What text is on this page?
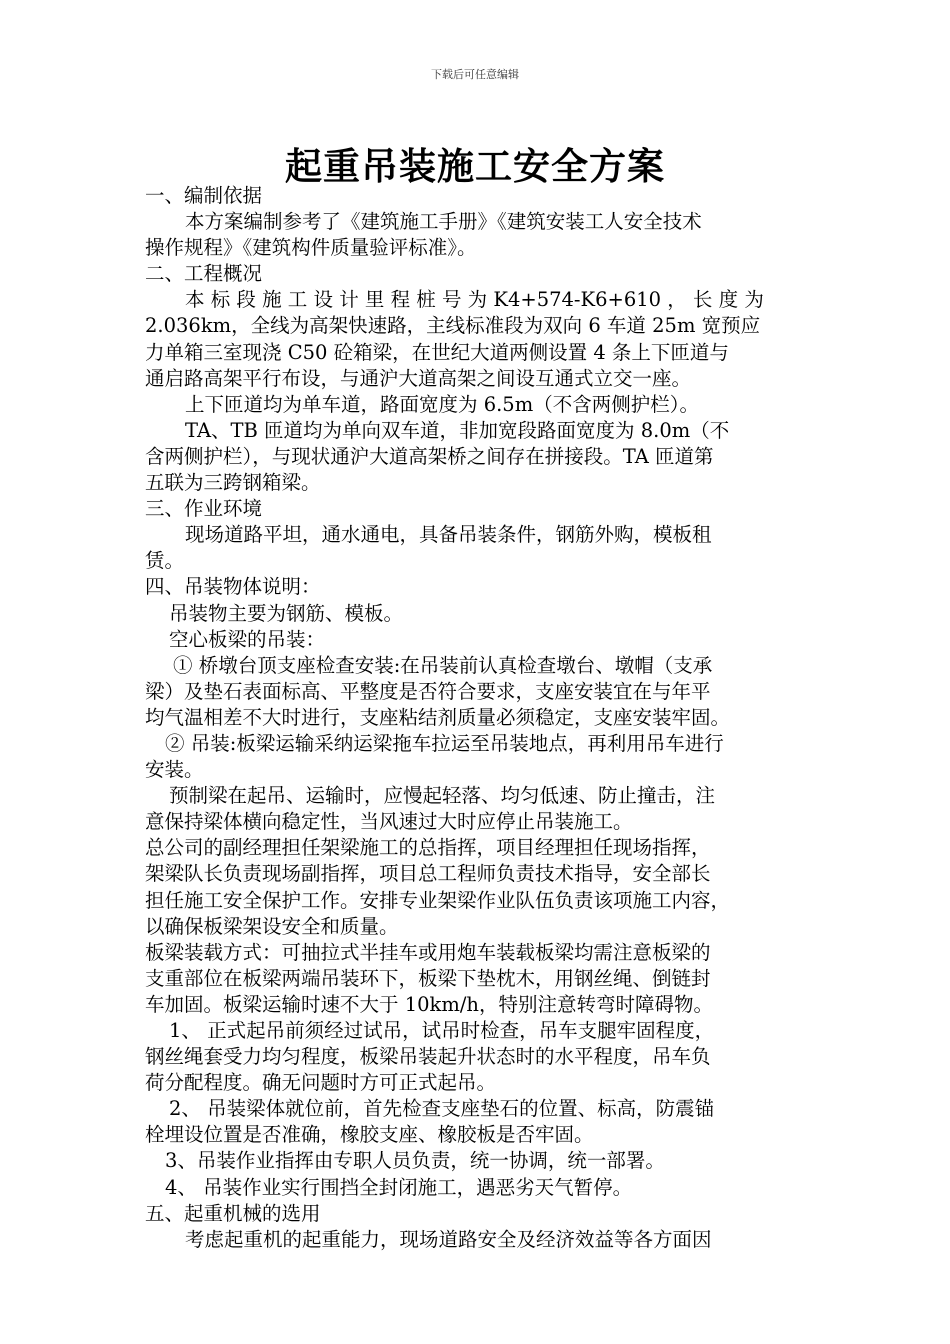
下载后可任意编辑
起重吊装施工安全方案
一、编制依据
本方案编制参考了《建筑施工手册》《建筑安装工人安全技术
操作规程》《建筑构件质量验评标准》。
二、工程概况
本 标 段 施 工 设 计 里 程 桩 号 为 K4+574-K6+610 ， 长 度 为
2.036km，全线为高架快速路，主线标准段为双向 6 车道 25m 宽预应
力单箱三室现浇 C50 砼箱梁，在世纪大道两侧设置 4 条上下匝道与
通启路高架平行布设，与通沪大道高架之间设互通式立交一座。
上下匝道均为单车道，路面宽度为 6.5m（不含两侧护栏）。
TA、TB 匝道均为单向双车道，非加宽段路面宽度为 8.0m（不
含两侧护栏），与现状通沪大道高架桥之间存在拼接段。TA 匝道第
五联为三跨钢箱梁。
三、作业环境
现场道路平坦，通水通电，具备吊装条件，钢筋外购，模板租
赁。
四、吊装物体说明：
吊装物主要为钢筋、模板。
空心板梁的吊装：
① 桥墩台顶支座检查安装:在吊装前认真检查墩台、墩帽（支承
梁）及垫石表面标高、平整度是否符合要求，支座安装宜在与年平
均气温相差不大时进行，支座粘结剂质量必须稳定，支座安装牢固。
② 吊装:板梁运输采纳运梁拖车拉运至吊装地点，再利用吊车进行
安装。
预制梁在起吊、运输时，应慢起轻落、均匀低速、防止撞击，注
意保持梁体横向稳定性，当风速过大时应停止吊装施工。
总公司的副经理担任架梁施工的总指挥，项目经理担任现场指挥，
架梁队长负责现场副指挥，项目总工程师负责技术指导，安全部长
担任施工安全保护工作。安排专业架梁作业队伍负责该项施工内容，
以确保板梁架设安全和质量。
板梁装载方式：可抽拉式半挂车或用炮车装载板梁均需注意板梁的
支重部位在板梁两端吊装环下，板梁下垫枕木，用钢丝绳、倒链封
车加固。板梁运输时速不大于 10km/h，特别注意转弯时障碍物。
1、 正式起吊前须经过试吊，试吊时检查，吊车支腿牢固程度，
钢丝绳套受力均匀程度，板梁吊装起升状态时的水平程度，吊车负
荷分配程度。确无问题时方可正式起吊。
2、 吊装梁体就位前，首先检查支座垫石的位置、标高，防震锚
栓埋设位置是否准确，橡胶支座、橡胶板是否牢固。
3、吊装作业指挥由专职人员负责，统一协调，统一部署。
4、 吊装作业实行围挡全封闭施工，遇恶劣天气暂停。
五、起重机械的选用
考虑起重机的起重能力，现场道路安全及经济效益等各方面因
